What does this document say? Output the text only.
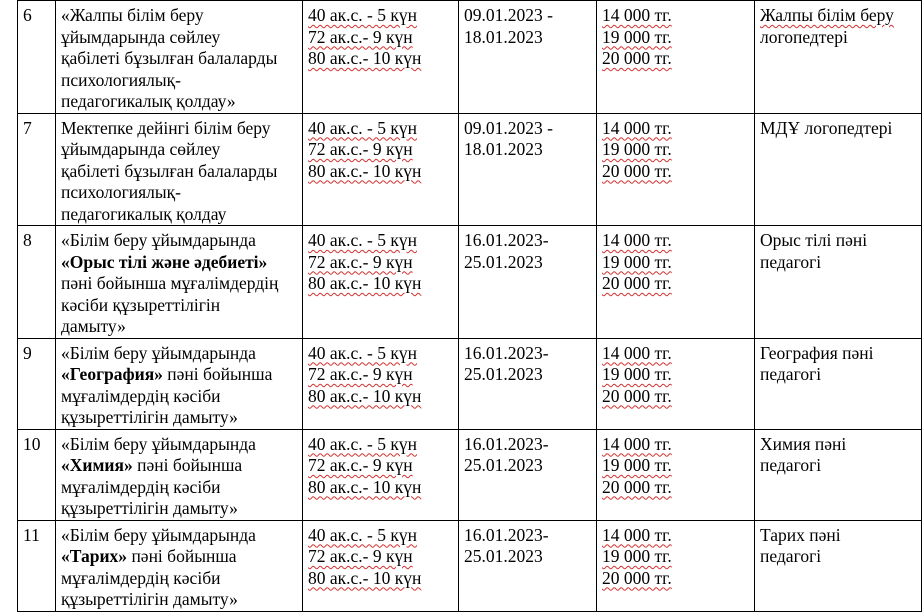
6	«Жалпы білім беру
ұйымдарында сөйлеу
қабілеті бұзылған балаларды
психологиялық-
педагогикалық қолдау»	40 ак.с. - 5 күн
72 ак.с.- 9 күн
80 ак.с.- 10 күн	09.01.2023 -
18.01.2023	14 000 тг.
19 000 тг.
20 000 тг.	Жалпы білім беру
логопедтері

7	Мектепке дейінгі білім беру
ұйымдарында сөйлеу
қабілеті бұзылған балаларды
психологиялық-
педагогикалық қолдау	40 ак.с. - 5 күн
72 ак.с.- 9 күн
80 ак.с.- 10 күн	09.01.2023 -
18.01.2023	14 000 тг.
19 000 тг.
20 000 тг.	МДҰ логопедтері

8	«Білім беру ұйымдарында
«Орыс тілі және әдебиеті»
пәні бойынша мұғалімдердің
кәсіби құзыреттілігін
дамыту»	40 ак.с. - 5 күн
72 ак.с.- 9 күн
80 ак.с.- 10 күн	16.01.2023-
25.01.2023	14 000 тг.
19 000 тг.
20 000 тг.	Орыс тілі пәні
педагогі

9	«Білім беру ұйымдарында
«География» пәні бойынша
мұғалімдердің кәсіби
құзыреттілігін дамыту»	40 ак.с. - 5 күн
72 ак.с.- 9 күн
80 ак.с.- 10 күн	16.01.2023-
25.01.2023	14 000 тг.
19 000 тг.
20 000 тг.	География пәні
педагогі

10	«Білім беру ұйымдарында
«Химия» пәні бойынша
мұғалімдердің кәсіби
құзыреттілігін дамыту»	40 ак.с. - 5 күн
72 ак.с.- 9 күн
80 ак.с.- 10 күн	16.01.2023-
25.01.2023	14 000 тг.
19 000 тг.
20 000 тг.	Химия пәні
педагогі

11	«Білім беру ұйымдарында
«Тарих» пәні бойынша
мұғалімдердің кәсіби
құзыреттілігін дамыту»	40 ак.с. - 5 күн
72 ак.с.- 9 күн
80 ак.с.- 10 күн	16.01.2023-
25.01.2023	14 000 тг.
19 000 тг.
20 000 тг.	Тарих пәні
педагогі
